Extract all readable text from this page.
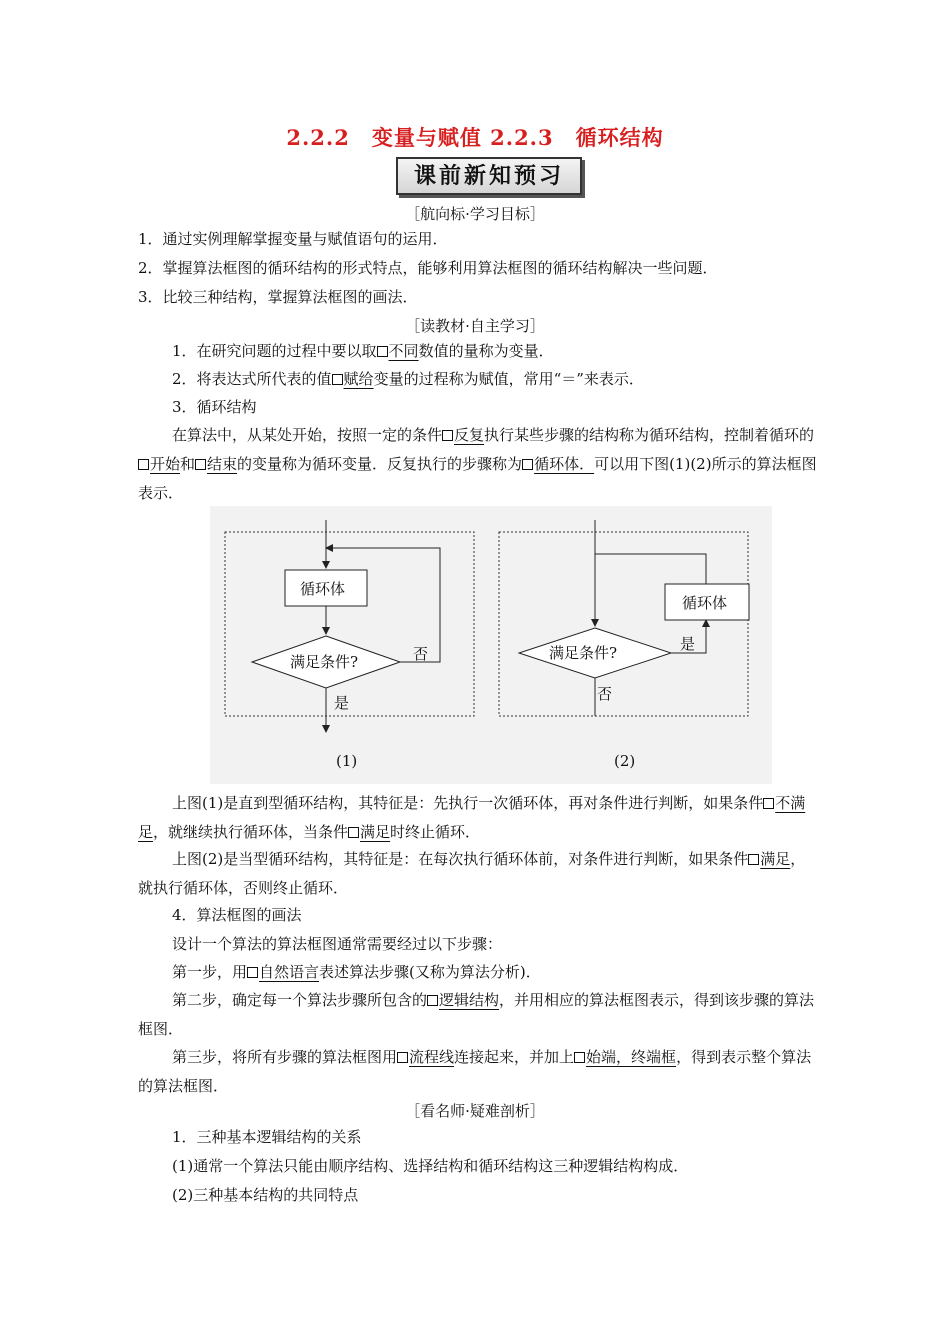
2.2.2　变量与赋值 2.2.3　循环结构
课前新知预习
［航向标·学习目标］
1．通过实例理解掌握变量与赋值语句的运用．
2．掌握算法框图的循环结构的形式特点，能够利用算法框图的循环结构解决一些问题．
3．比较三种结构，掌握算法框图的画法．
［读教材·自主学习］
1．在研究问题的过程中要以取 不同数值的量称为变量．
2．将表达式所代表的值 赋给变量的过程称为赋值，常用“＝”来表示．
3．循环结构
在算法中，从某处开始，按照一定的条件 反复执行某些步骤的结构称为循环结构，控制着循环的开始和 结束的变量称为循环变量．反复执行的步骤称为 循环体．可以用下图(1)(2)所示的算法框图表示．
循环体
满足条件?	否
是
(1)
循环体
满足条件?	是
否
(2)
上图(1)是直到型循环结构，其特征是：先执行一次循环体，再对条件进行判断，如果条件 不满足，就继续执行循环体，当条件 满足时终止循环．
上图(2)是当型循环结构，其特征是：在每次执行循环体前，对条件进行判断，如果条件 满足，就执行循环体，否则终止循环．
4．算法框图的画法
设计一个算法的算法框图通常需要经过以下步骤：
第一步，用 自然语言表述算法步骤(又称为算法分析)．
第二步，确定每一个算法步骤所包含的 逻辑结构，并用相应的算法框图表示，得到该步骤的算法框图．
第三步，将所有步骤的算法框图用 流程线连接起来，并加上 始端，终端框，得到表示整个算法的算法框图．
［看名师·疑难剖析］
1．三种基本逻辑结构的关系
(1)通常一个算法只能由顺序结构、选择结构和循环结构这三种逻辑结构构成．
(2)三种基本结构的共同特点
